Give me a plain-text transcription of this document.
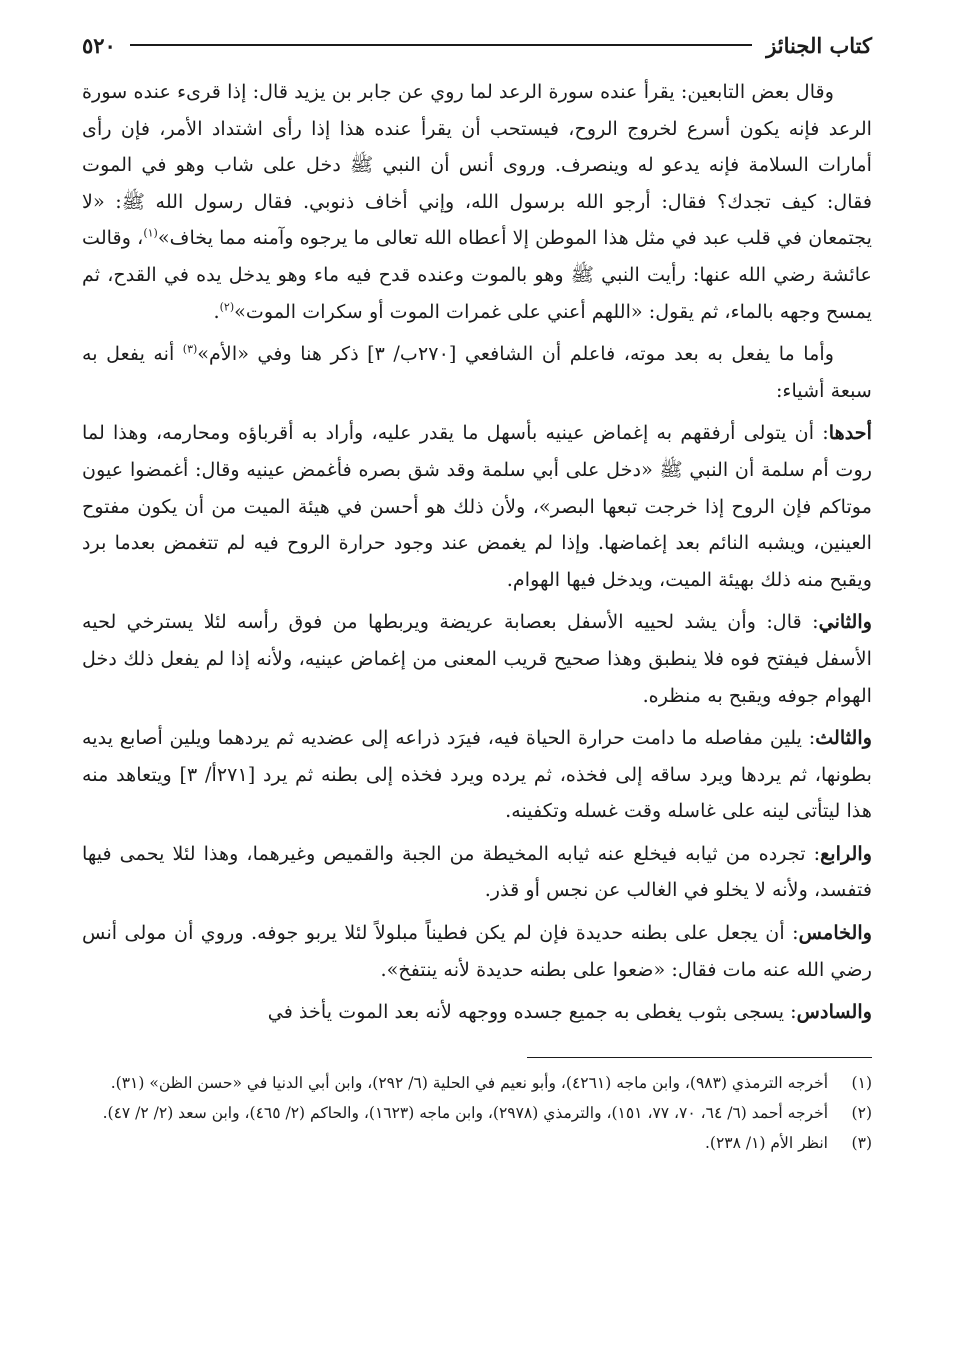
كتاب الجنائز
٥٢٠

وقال بعض التابعين: يقرأ عنده سورة الرعد لما روي عن جابر بن يزيد قال: إذا قرىء عنده سورة الرعد فإنه يكون أسرع لخروج الروح، فيستحب أن يقرأ عنده هذا إذا رأى اشتداد الأمر، فإن رأى أمارات السلامة فإنه يدعو له وينصرف. وروى أنس أن النبي ﷺ دخل على شاب وهو في الموت فقال: كيف تجدك؟ فقال: أرجو الله برسول الله، وإني أخاف ذنوبي. فقال رسول الله ﷺ: «لا يجتمعان في قلب عبد في مثل هذا الموطن إلا أعطاه الله تعالى ما يرجوه وآمنه مما يخاف»$^{(١)}$، وقالت عائشة رضي الله عنها: رأيت النبي ﷺ وهو بالموت وعنده قدح فيه ماء وهو يدخل يده في القدح، ثم يمسح وجهه بالماء، ثم يقول: «اللهم أعني على غمرات الموت أو سكرات الموت»$^{(٢)}$.

وأما ما يفعل به بعد موته، فاعلم أن الشافعي [٢٧٠ب/ ٣] ذكر هنا وفي «الأم»$^{(٣)}$ أنه يفعل به سبعة أشياء:

أحدها: أن يتولى أرفقهم به إغماض عينيه بأسهل ما يقدر عليه، وأراد به أقرباؤه ومحارمه، وهذا لما روت أم سلمة أن النبي ﷺ «دخل على أبي سلمة وقد شق بصره فأغمض عينيه وقال: أغمضوا عيون موتاكم فإن الروح إذا خرجت تبعها البصر»، ولأن ذلك هو أحسن في هيئة الميت من أن يكون مفتوح العينين، ويشبه النائم بعد إغماضها. وإذا لم يغمض عند وجود حرارة الروح فيه لم تتغمض بعدما برد ويقبح منه ذلك بهيئة الميت، ويدخل فيها الهوام.

والثاني: قال: وأن يشد لحييه الأسفل بعصابة عريضة ويربطها من فوق رأسه لئلا يسترخي لحيه الأسفل فيفتح فوه فلا ينطبق وهذا صحيح قريب المعنى من إغماض عينيه، ولأنه إذا لم يفعل ذلك دخل الهوام جوفه ويقبح به منظره.

والثالث: يلين مفاصله ما دامت حرارة الحياة فيه، فيرَد ذراعه إلى عضديه ثم يردهما ويلين أصابع يديه بطونها، ثم يردها ويرد ساقه إلى فخذه، ثم يرده ويرد فخذه إلى بطنه ثم يرد [٢٧١أ/ ٣] ويتعاهد منه هذا ليتأتى لينه على غاسله وقت غسله وتكفينه.

والرابع: تجرده من ثيابه فيخلع عنه ثيابه المخيطة من الجبة والقميص وغيرهما، وهذا لئلا يحمى فيها فتفسد، ولأنه لا يخلو في الغالب عن نجس أو قذر.

والخامس: أن يجعل على بطنه حديدة فإن لم يكن فطيناً مبلولاً لئلا يربو جوفه. وروي أن مولى أنس رضي الله عنه مات فقال: «ضعوا على بطنه حديدة لأنه ينتفخ».

والسادس: يسجى بثوب يغطى به جميع جسده ووجهه لأنه بعد الموت يأخذ في

(١)
أخرجه الترمذي (٩٨٣)، وابن ماجه (٤٢٦١)، وأبو نعيم في الحلية (٦/ ٢٩٢)، وابن أبي الدنيا في «حسن الظن» (٣١).
(٢)
أخرجه أحمد (٦/ ٦٤، ٧٠، ٧٧، ١٥١)، والترمذي (٢٩٧٨)، وابن ماجه (١٦٢٣)، والحاكم (٢/ ٤٦٥)، وابن سعد (٢/ ٢/ ٤٧).
(٣)
انظر الأم (١/ ٢٣٨).
